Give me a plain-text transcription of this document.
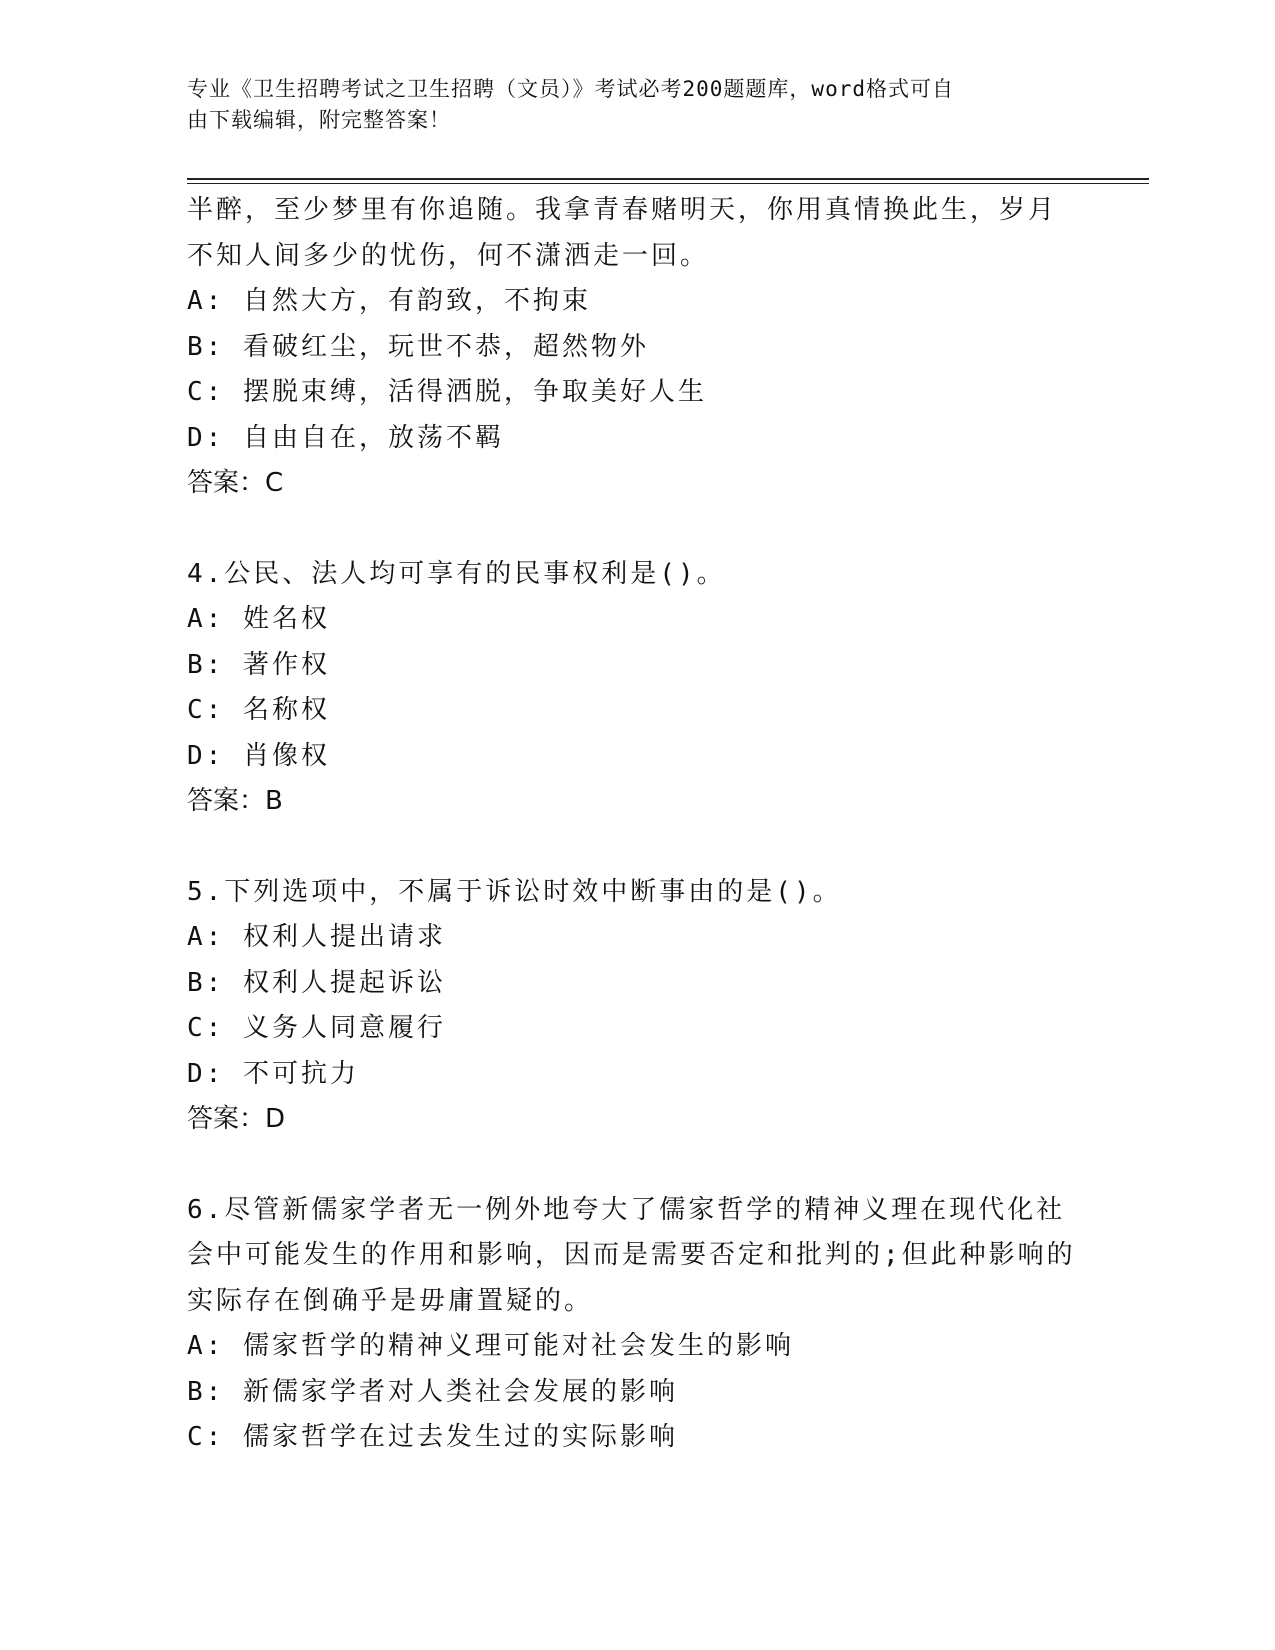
专业《卫生招聘考试之卫生招聘（文员）》考试必考200题题库，word格式可自
由下载编辑，附完整答案！
半醉，至少梦里有你追随。我拿青春赌明天，你用真情换此生，岁月
不知人间多少的忧伤，何不潇洒走一回。
A: 自然大方，有韵致，不拘束
B: 看破红尘，玩世不恭，超然物外
C: 摆脱束缚，活得洒脱，争取美好人生
D: 自由自在，放荡不羁
答案：C
4.公民、法人均可享有的民事权利是()。
A: 姓名权
B: 著作权
C: 名称权
D: 肖像权
答案：B
5.下列选项中，不属于诉讼时效中断事由的是()。
A: 权利人提出请求
B: 权利人提起诉讼
C: 义务人同意履行
D: 不可抗力
答案：D
6.尽管新儒家学者无一例外地夸大了儒家哲学的精神义理在现代化社
会中可能发生的作用和影响，因而是需要否定和批判的;但此种影响的
实际存在倒确乎是毋庸置疑的。
A: 儒家哲学的精神义理可能对社会发生的影响
B: 新儒家学者对人类社会发展的影响
C: 儒家哲学在过去发生过的实际影响
